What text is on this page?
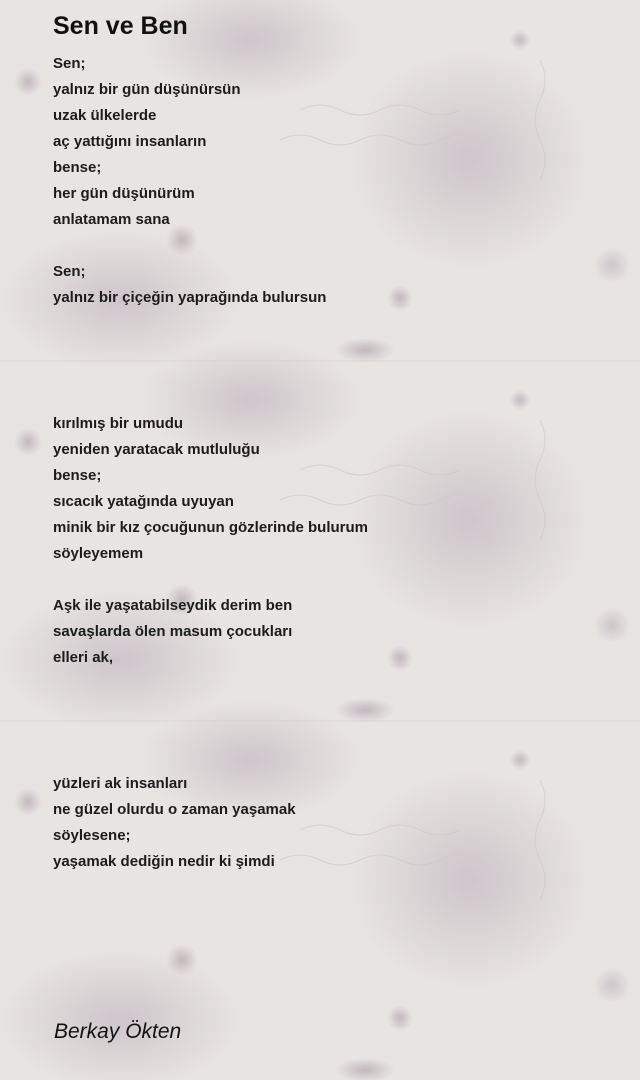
Sen ve Ben
Sen;
yalnız bir gün düşünürsün
uzak ülkelerde
aç yattığını insanların
bense;
her gün düşünürüm
anlatamam sana
Sen;
yalnız bir çiçeğin yaprağında bulursun
kırılmış bir umudu
yeniden yaratacak mutluluğu
bense;
sıcacık yatağında uyuyan
minik bir kız çocuğunun gözlerinde bulurum
söyleyemem
Aşk ile yaşatabilseydik derim ben
savaşlarda ölen masum çocukları
elleri ak,
yüzleri ak insanları
ne güzel olurdu o zaman yaşamak
söylesene;
yaşamak dediğin nedir ki şimdi

Berkay Ökten
